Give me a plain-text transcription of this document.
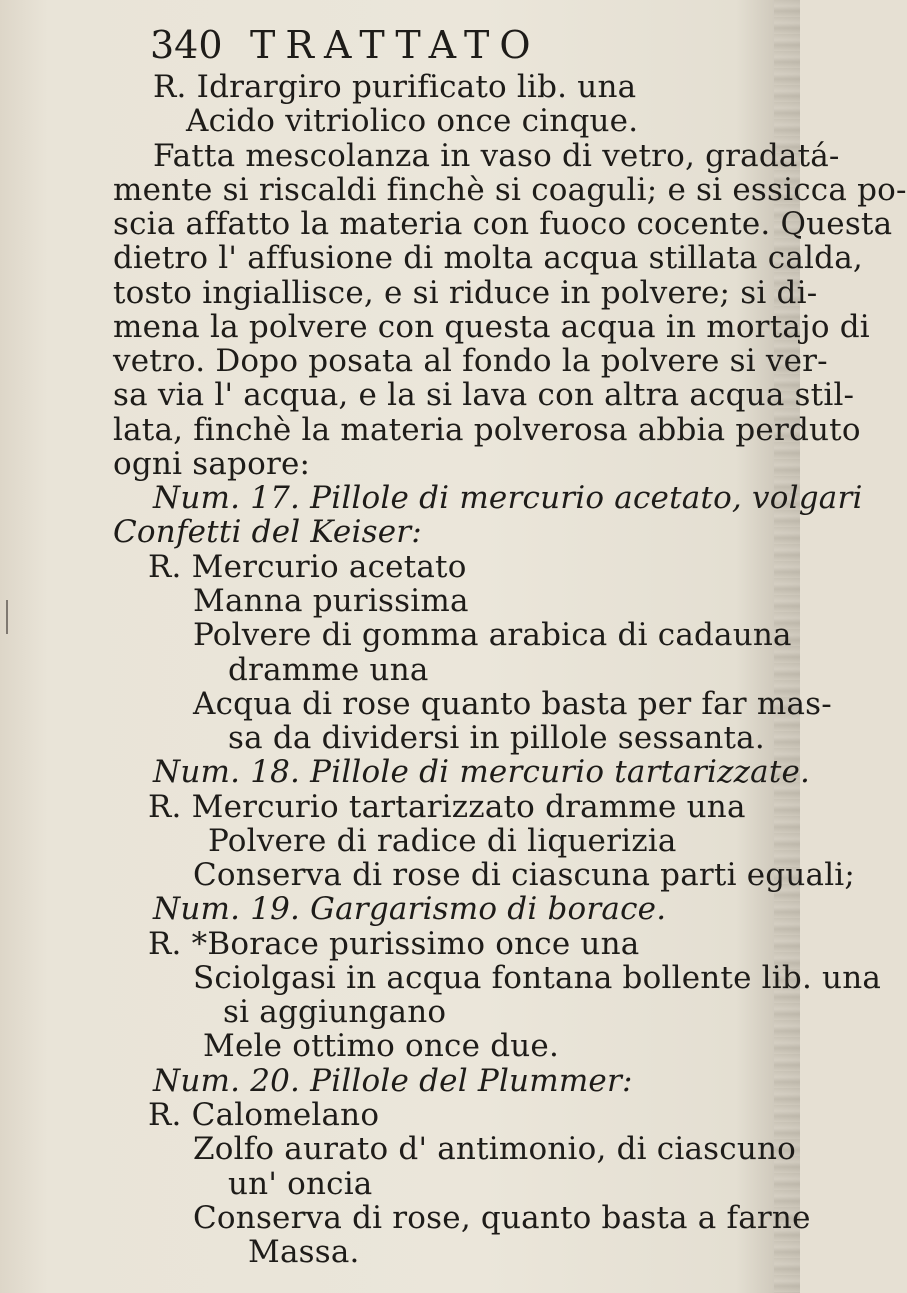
340 TRATTATO
R. Idrargiro purificato lib. una
Acido vitriolico once cinque.
Fatta mescolanza in vaso di vetro, gradatá-
mente si riscaldi finchè si coaguli; e si essicca po-
scia affatto la materia con fuoco cocente. Questa
dietro l' affusione di molta acqua stillata calda,
tosto ingiallisce, e si riduce in polvere; si di-
mena la polvere con questa acqua in mortajo di
vetro. Dopo posata al fondo la polvere si ver-
sa via l' acqua, e la si lava con altra acqua stil-
lata, finchè la materia polverosa abbia perduto
ogni sapore:
Num. 17. Pillole di mercurio acetato, volgari
Confetti del Keiser:
R. Mercurio acetato
Manna purissima
Polvere di gomma arabica di cadauna
dramme una
Acqua di rose quanto basta per far mas-
sa da dividersi in pillole sessanta.
Num. 18. Pillole di mercurio tartarizzate.
R. Mercurio tartarizzato dramme una
Polvere di radice di liquerizia
Conserva di rose di ciascuna parti eguali;
Num. 19. Gargarismo di borace.
R. *Borace purissimo once una
Sciolgasi in acqua fontana bollente lib. una
si aggiungano
Mele ottimo once due.
Num. 20. Pillole del Plummer:
R. Calomelano
Zolfo aurato d' antimonio, di ciascuno
un' oncia
Conserva di rose, quanto basta a farne
Massa.
